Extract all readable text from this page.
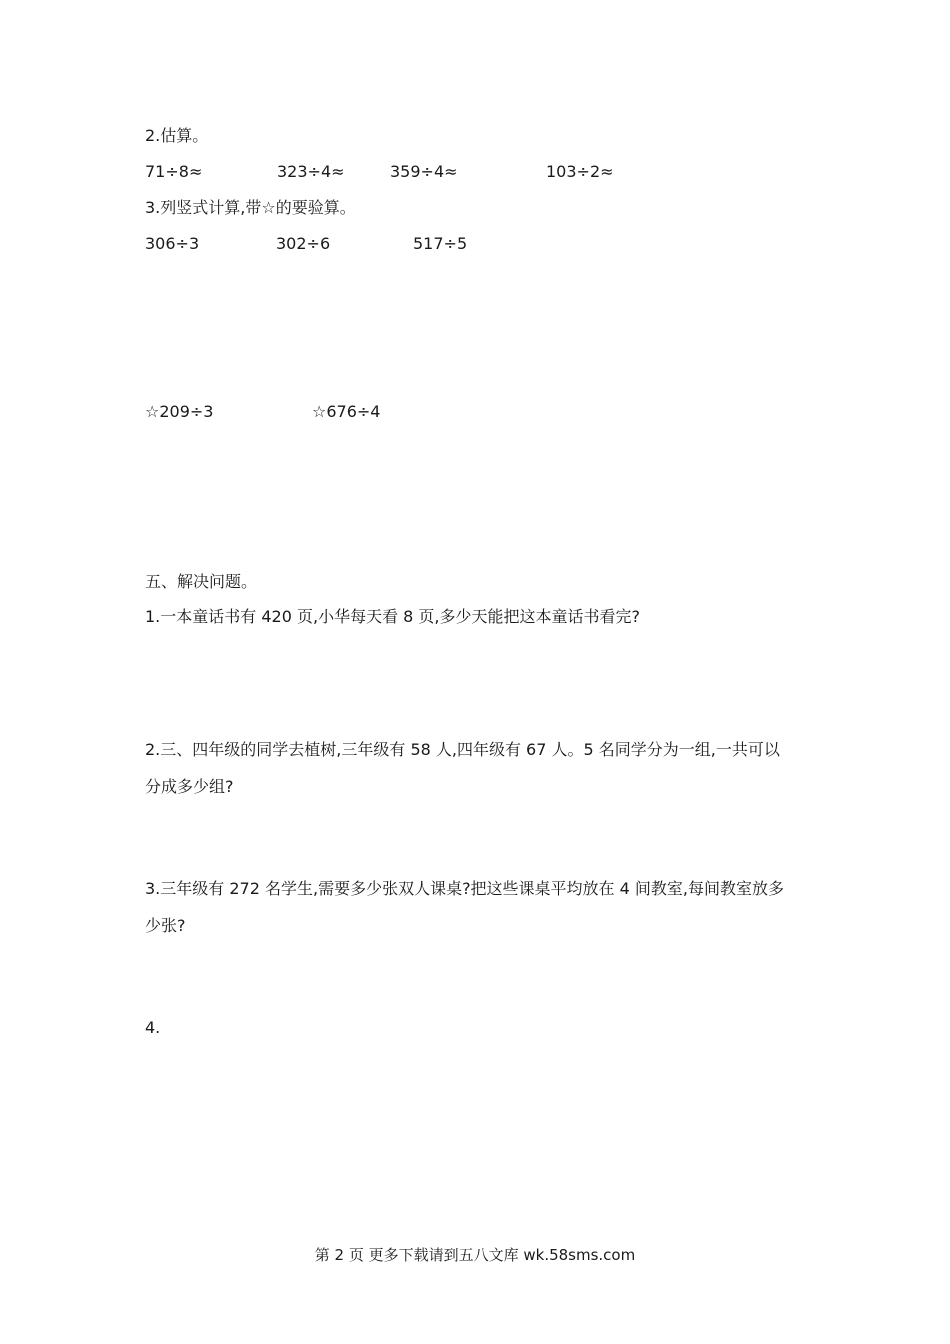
2.估算。
71÷8≈	323÷4≈	359÷4≈	103÷2≈
3.列竖式计算,带☆的要验算。
306÷3	302÷6	517÷5
☆209÷3	☆676÷4
五、解决问题。
1.一本童话书有 420 页,小华每天看 8 页,多少天能把这本童话书看完?
2.三、四年级的同学去植树,三年级有 58 人,四年级有 67 人。5 名同学分为一组,一共可以
分成多少组?
3.三年级有 272 名学生,需要多少张双人课桌?把这些课桌平均放在 4 间教室,每间教室放多
少张?
4.
第 2 页 更多下载请到五八文库 wk.58sms.com
